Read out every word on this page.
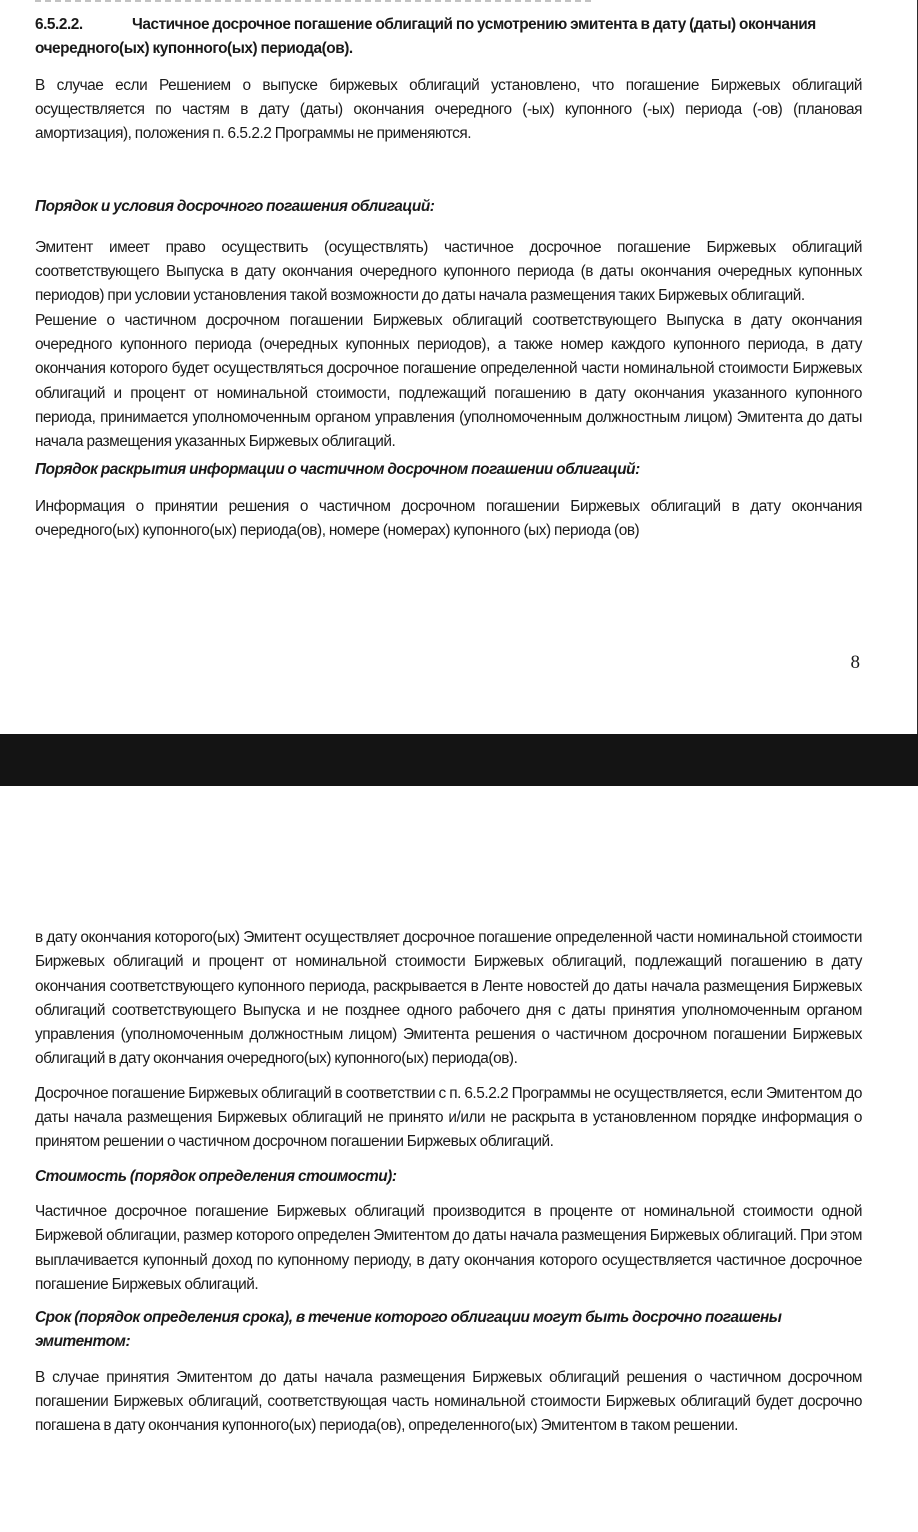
6.5.2.2.	Частичное досрочное погашение облигаций по усмотрению эмитента в дату (даты) окончания очередного(ых) купонного(ых) периода(ов).

В случае если Решением о выпуске биржевых облигаций установлено, что погашение Биржевых облигаций осуществляется по частям в дату (даты) окончания очередного (-ых) купонного (-ых) периода (-ов) (плановая амортизация), положения п. 6.5.2.2 Программы не применяются.

Порядок и условия досрочного погашения облигаций:

Эмитент имеет право осуществить (осуществлять) частичное досрочное погашение Биржевых облигаций соответствующего Выпуска в дату окончания очередного купонного периода (в даты окончания очередных купонных периодов) при условии установления такой возможности до даты начала размещения таких Биржевых облигаций.

Решение о частичном досрочном погашении Биржевых облигаций соответствующего Выпуска в дату окончания очередного купонного периода (очередных купонных периодов), а также номер каждого купонного периода, в дату окончания которого будет осуществляться досрочное погашение определенной части номинальной стоимости Биржевых облигаций и процент от номинальной стоимости, подлежащий погашению в дату окончания указанного купонного периода, принимается уполномоченным органом управления (уполномоченным должностным лицом) Эмитента до даты начала размещения указанных Биржевых облигаций.

Порядок раскрытия информации о частичном досрочном погашении облигаций:

Информация о принятии решения о частичном досрочном погашении Биржевых облигаций в дату окончания очередного(ых) купонного(ых) периода(ов), номере (номерах) купонного (ых) периода (ов)

8

в дату окончания которого(ых) Эмитент осуществляет досрочное погашение определенной части номинальной стоимости Биржевых облигаций и процент от номинальной стоимости Биржевых облигаций, подлежащий погашению в дату окончания соответствующего купонного периода, раскрывается в Ленте новостей до даты начала размещения Биржевых облигаций соответствующего Выпуска и не позднее одного рабочего дня с даты принятия уполномоченным органом управления (уполномоченным должностным лицом) Эмитента решения о частичном досрочном погашении Биржевых облигаций в дату окончания очередного(ых) купонного(ых) периода(ов).

Досрочное погашение Биржевых облигаций в соответствии с п. 6.5.2.2 Программы не осуществляется, если Эмитентом до даты начала размещения Биржевых облигаций не принято и/или не раскрыта в установленном порядке информация о принятом решении о частичном досрочном погашении Биржевых облигаций.

Стоимость (порядок определения стоимости):

Частичное досрочное погашение Биржевых облигаций производится в проценте от номинальной стоимости одной Биржевой облигации, размер которого определен Эмитентом до даты начала размещения Биржевых облигаций. При этом выплачивается купонный доход по купонному периоду, в дату окончания которого осуществляется частичное досрочное погашение Биржевых облигаций.

Срок (порядок определения срока), в течение которого облигации могут быть досрочно погашены эмитентом:

В случае принятия Эмитентом до даты начала размещения Биржевых облигаций решения о частичном досрочном погашении Биржевых облигаций, соответствующая часть номинальной стоимости Биржевых облигаций будет досрочно погашена в дату окончания купонного(ых) периода(ов), определенного(ых) Эмитентом в таком решении.
